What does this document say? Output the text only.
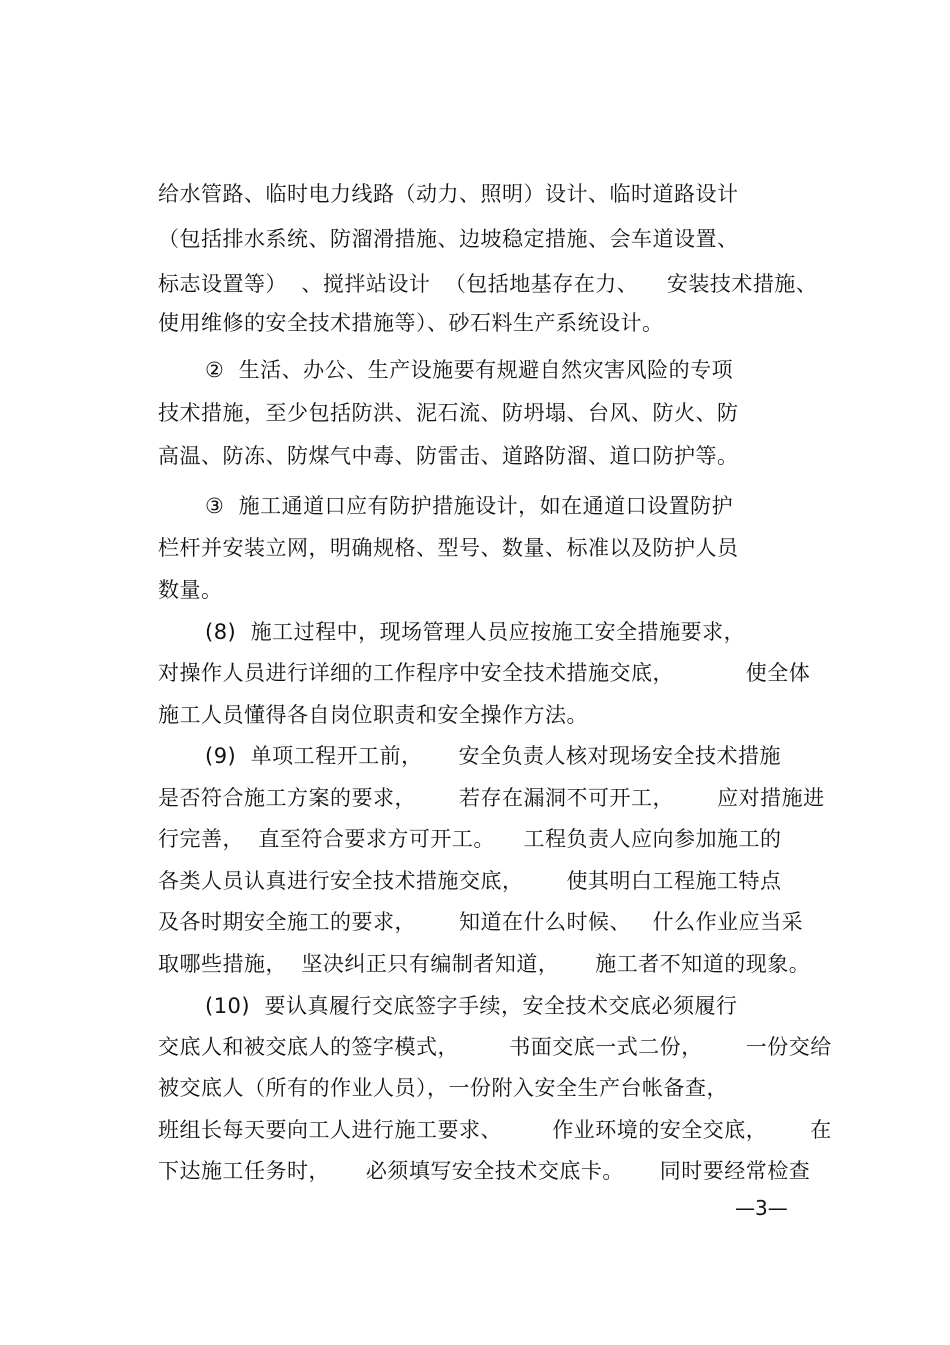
给水管路、临时电力线路（动力、照明）设计、临时道路设计
（包括排水系统、防溜滑措施、边坡稳定措施、会车道设置、
标志设置等）  、搅拌站设计  （包括地基存在力、    安装技术措施、
使用维修的安全技术措施等）、砂石料生产系统设计。
②  生活、办公、生产设施要有规避自然灾害风险的专项
技术措施，至少包括防洪、泥石流、防坍塌、台风、防火、防
高温、防冻、防煤气中毒、防雷击、道路防溜、道口防护等。
③  施工通道口应有防护措施设计，如在通道口设置防护
栏杆并安装立网，明确规格、型号、数量、标准以及防护人员
数量。
(8)  施工过程中，现场管理人员应按施工安全措施要求，
对操作人员进行详细的工作程序中安全技术措施交底，          使全体
施工人员懂得各自岗位职责和安全操作方法。
(9)  单项工程开工前，     安全负责人核对现场安全技术措施
是否符合施工方案的要求，      若存在漏洞不可开工，      应对措施进
行完善，  直至符合要求方可开工。    工程负责人应向参加施工的
各类人员认真进行安全技术措施交底，      使其明白工程施工特点
及各时期安全施工的要求，      知道在什么时候、   什么作业应当采
取哪些措施，  坚决纠正只有编制者知道，     施工者不知道的现象。
(10)  要认真履行交底签字手续，安全技术交底必须履行
交底人和被交底人的签字模式，       书面交底一式二份，      一份交给
被交底人（所有的作业人员），一份附入安全生产台帐备查，
班组长每天要向工人进行施工要求、       作业环境的安全交底，      在
下达施工任务时，     必须填写安全技术交底卡。     同时要经常检查
—3—
